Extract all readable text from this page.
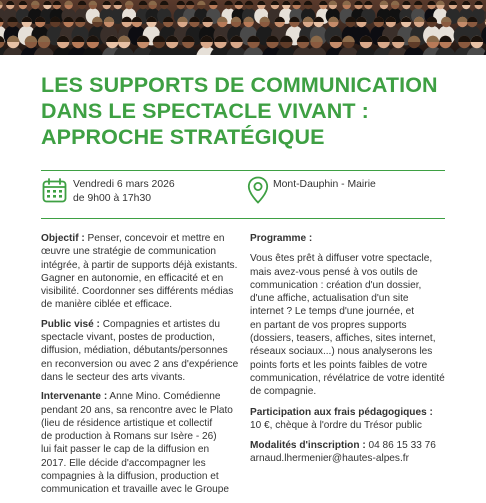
LES SUPPORTS DE COMMUNICATION
DANS LE SPECTACLE VIVANT :
APPROCHE STRATÉGIQUE
Vendredi 6 mars 2026
de 9h00 à 17h30
Mont-Dauphin - Mairie

Objectif : Penser, concevoir et mettre en
œuvre une stratégie de communication
intégrée, à partir de supports déjà existants.
Gagner en autonomie, en efficacité et en
visibilité. Coordonner ses différents médias
de manière ciblée et efficace.

Public visé : Compagnies et artistes du
spectacle vivant, postes de production,
diffusion, médiation, débutants/personnes
en reconversion ou avec 2 ans d'expérience
dans le secteur des arts vivants.

Intervenante : Anne Mino. Comédienne
pendant 20 ans, sa rencontre avec le Plato
(lieu de résidence artistique et collectif
de production à Romans sur Isère - 26)
lui fait passer le cap de la diffusion en
2017. Elle décide d'accompagner les
compagnies à la diffusion, production et
communication et travaille avec le Groupe

Programme :

Vous êtes prêt à diffuser votre spectacle,
mais avez-vous pensé à vos outils de
communication : création d'un dossier,
d'une affiche, actualisation d'un site
internet ? Le temps d'une journée, et
en partant de vos propres supports
(dossiers, teasers, affiches, sites internet,
réseaux sociaux...) nous analyserons les
points forts et les points faibles de votre
communication, révélatrice de votre identité
de compagnie.

Participation aux frais pédagogiques :
10 €, chèque à l'ordre du Trésor public

Modalités d'inscription : 04 86 15 33 76
arnaud.lhermenier@hautes-alpes.fr
